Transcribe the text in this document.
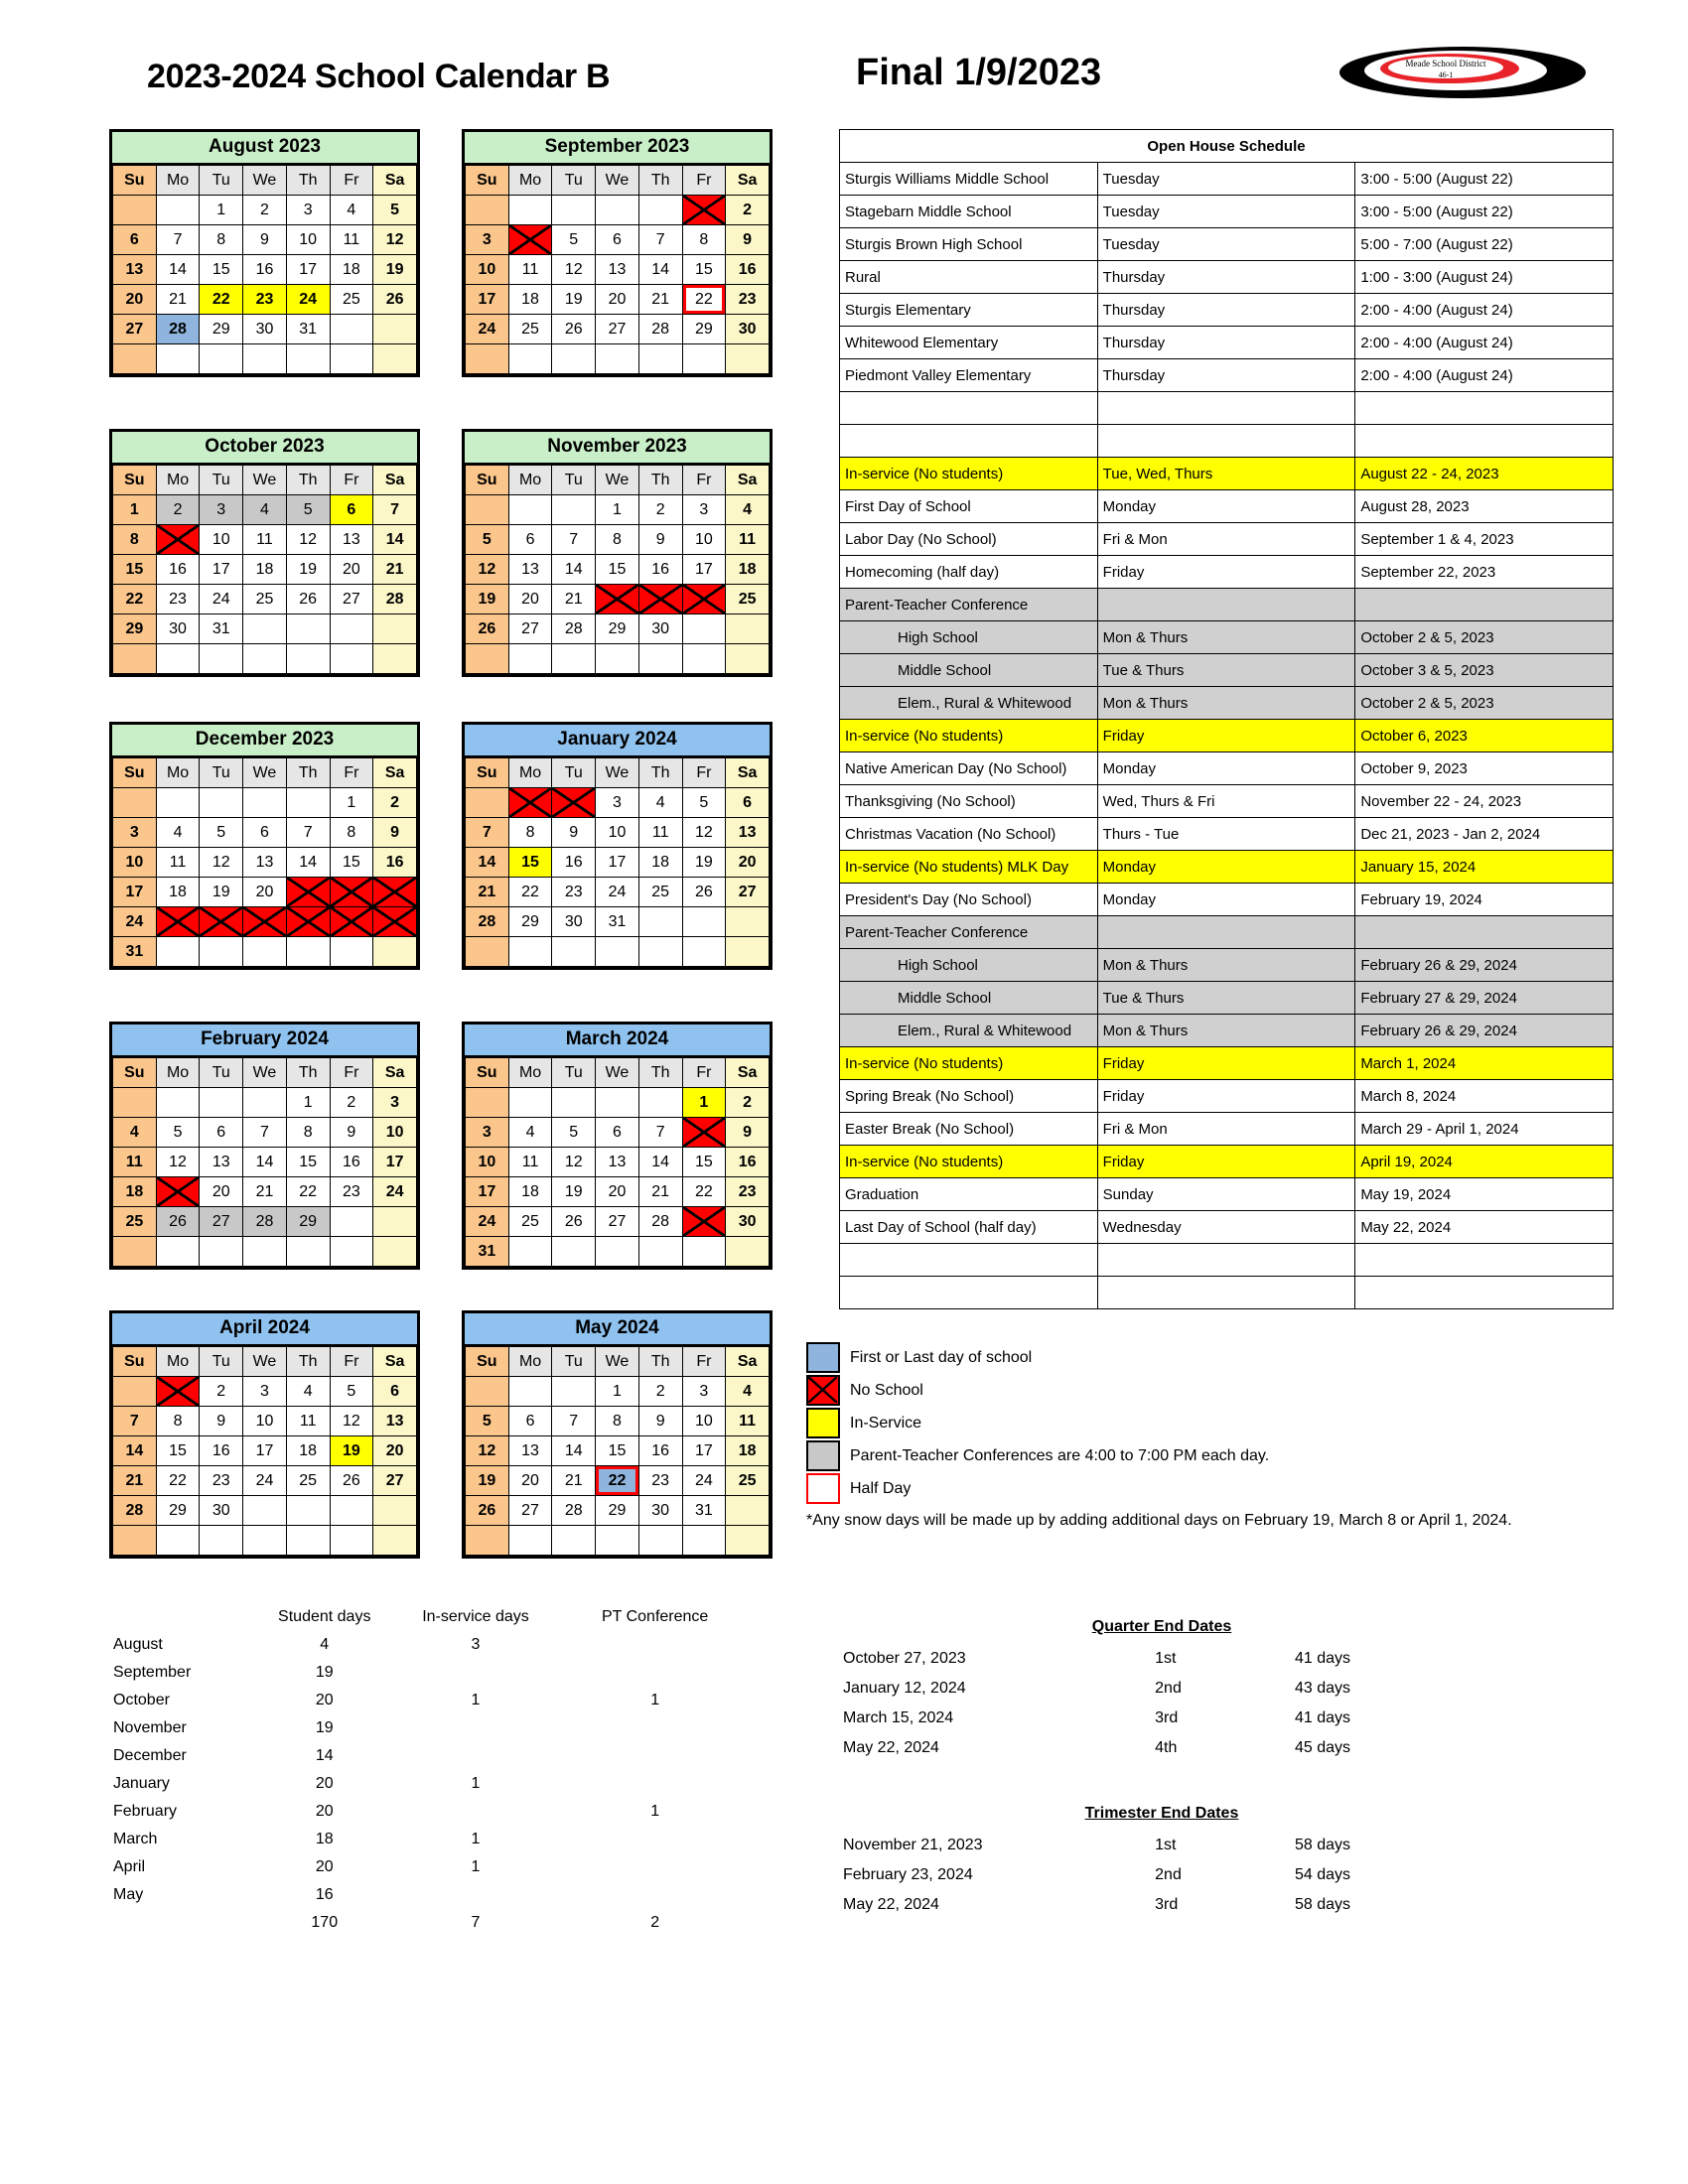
2023-2024 School Calendar B	Final 1/9/2023	Meade School District
46-1
August 2023
Su	Mo	Tu	We	Th	Fr	Sa
		1	2	3	4	5
6	7	8	9	10	11	12
13	14	15	16	17	18	19
20	21	22	23	24	25	26
27	28	29	30	31		

September 2023
Su	Mo	Tu	We	Th	Fr	Sa
						2
3		5	6	7	8	9
10	11	12	13	14	15	16
17	18	19	20	21	22	23
24	25	26	27	28	29	30

October 2023
Su	Mo	Tu	We	Th	Fr	Sa
1	2	3	4	5	6	7
8		10	11	12	13	14
15	16	17	18	19	20	21
22	23	24	25	26	27	28
29	30	31				

November 2023
Su	Mo	Tu	We	Th	Fr	Sa
			1	2	3	4
5	6	7	8	9	10	11
12	13	14	15	16	17	18
19	20	21				25
26	27	28	29	30		

December 2023
Su	Mo	Tu	We	Th	Fr	Sa
					1	2
3	4	5	6	7	8	9
10	11	12	13	14	15	16
17	18	19	20			
24						
31						
January 2024
Su	Mo	Tu	We	Th	Fr	Sa
			3	4	5	6
7	8	9	10	11	12	13
14	15	16	17	18	19	20
21	22	23	24	25	26	27
28	29	30	31			

February 2024
Su	Mo	Tu	We	Th	Fr	Sa
				1	2	3
4	5	6	7	8	9	10
11	12	13	14	15	16	17
18		20	21	22	23	24
25	26	27	28	29		

March 2024
Su	Mo	Tu	We	Th	Fr	Sa
					1	2
3	4	5	6	7		9
10	11	12	13	14	15	16
17	18	19	20	21	22	23
24	25	26	27	28		30
31						
April 2024
Su	Mo	Tu	We	Th	Fr	Sa
		2	3	4	5	6
7	8	9	10	11	12	13
14	15	16	17	18	19	20
21	22	23	24	25	26	27
28	29	30				

May 2024
Su	Mo	Tu	We	Th	Fr	Sa
			1	2	3	4
5	6	7	8	9	10	11
12	13	14	15	16	17	18
19	20	21	22	23	24	25
26	27	28	29	30	31	

Open House Schedule		
Sturgis Williams Middle School	Tuesday	3:00 - 5:00 (August 22)
Stagebarn Middle School	Tuesday	3:00 - 5:00 (August 22)
Sturgis Brown High School	Tuesday	5:00 - 7:00 (August 22)
Rural	Thursday	1:00 - 3:00 (August 24)
Sturgis Elementary	Thursday	2:00 - 4:00 (August 24)
Whitewood Elementary	Thursday	2:00 - 4:00 (August 24)
Piedmont Valley Elementary	Thursday	2:00 - 4:00 (August 24)

In-service (No students)	Tue, Wed, Thurs	August 22 - 24, 2023
First Day of School	Monday	August 28, 2023
Labor Day (No School)	Fri & Mon	September 1 & 4, 2023
Homecoming (half day)	Friday	September 22, 2023
Parent-Teacher Conference		
High School	Mon & Thurs	October 2 & 5, 2023
Middle School	Tue & Thurs	October 3 & 5, 2023
Elem., Rural & Whitewood	Mon & Thurs	October 2 & 5, 2023
In-service (No students)	Friday	October 6, 2023
Native American Day (No School)	Monday	October 9, 2023
Thanksgiving (No School)	Wed, Thurs & Fri	November 22 - 24, 2023
Christmas Vacation (No School)	Thurs - Tue	Dec 21, 2023 - Jan 2, 2024
In-service (No students) MLK Day	Monday	January 15, 2024
President's Day (No School)	Monday	February 19, 2024
Parent-Teacher Conference		
High School	Mon & Thurs	February 26 & 29, 2024
Middle School	Tue & Thurs	February 27 & 29, 2024
Elem., Rural & Whitewood	Mon & Thurs	February 26 & 29, 2024
In-service (No students)	Friday	March 1, 2024
Spring Break (No School)	Friday	March 8, 2024
Easter Break (No School)	Fri & Mon	March 29 - April 1, 2024
In-service (No students)	Friday	April 19, 2024
Graduation	Sunday	May 19, 2024
Last Day of School (half day)	Wednesday	May 22, 2024

First or Last day of school
No School
In-Service
Parent-Teacher Conferences are 4:00 to 7:00 PM each day.
Half Day
*Any snow days will be made up by adding additional days on February 19, March 8 or April 1, 2024.
	Student days	In-service days	PT Conference
August	4	3	
September	19		
October	20	1	1
November	19		
December	14		
January	20	1	
February	20		1
March	18	1	
April	20	1	
May	16		
	170	7	2
Quarter End Dates
October 27, 2023	1st	41 days
January 12, 2024	2nd	43 days
March 15, 2024	3rd	41 days
May 22, 2024	4th	45 days
Trimester End Dates
November 21, 2023	1st	58 days
February 23, 2024	2nd	54 days
May 22, 2024	3rd	58 days
